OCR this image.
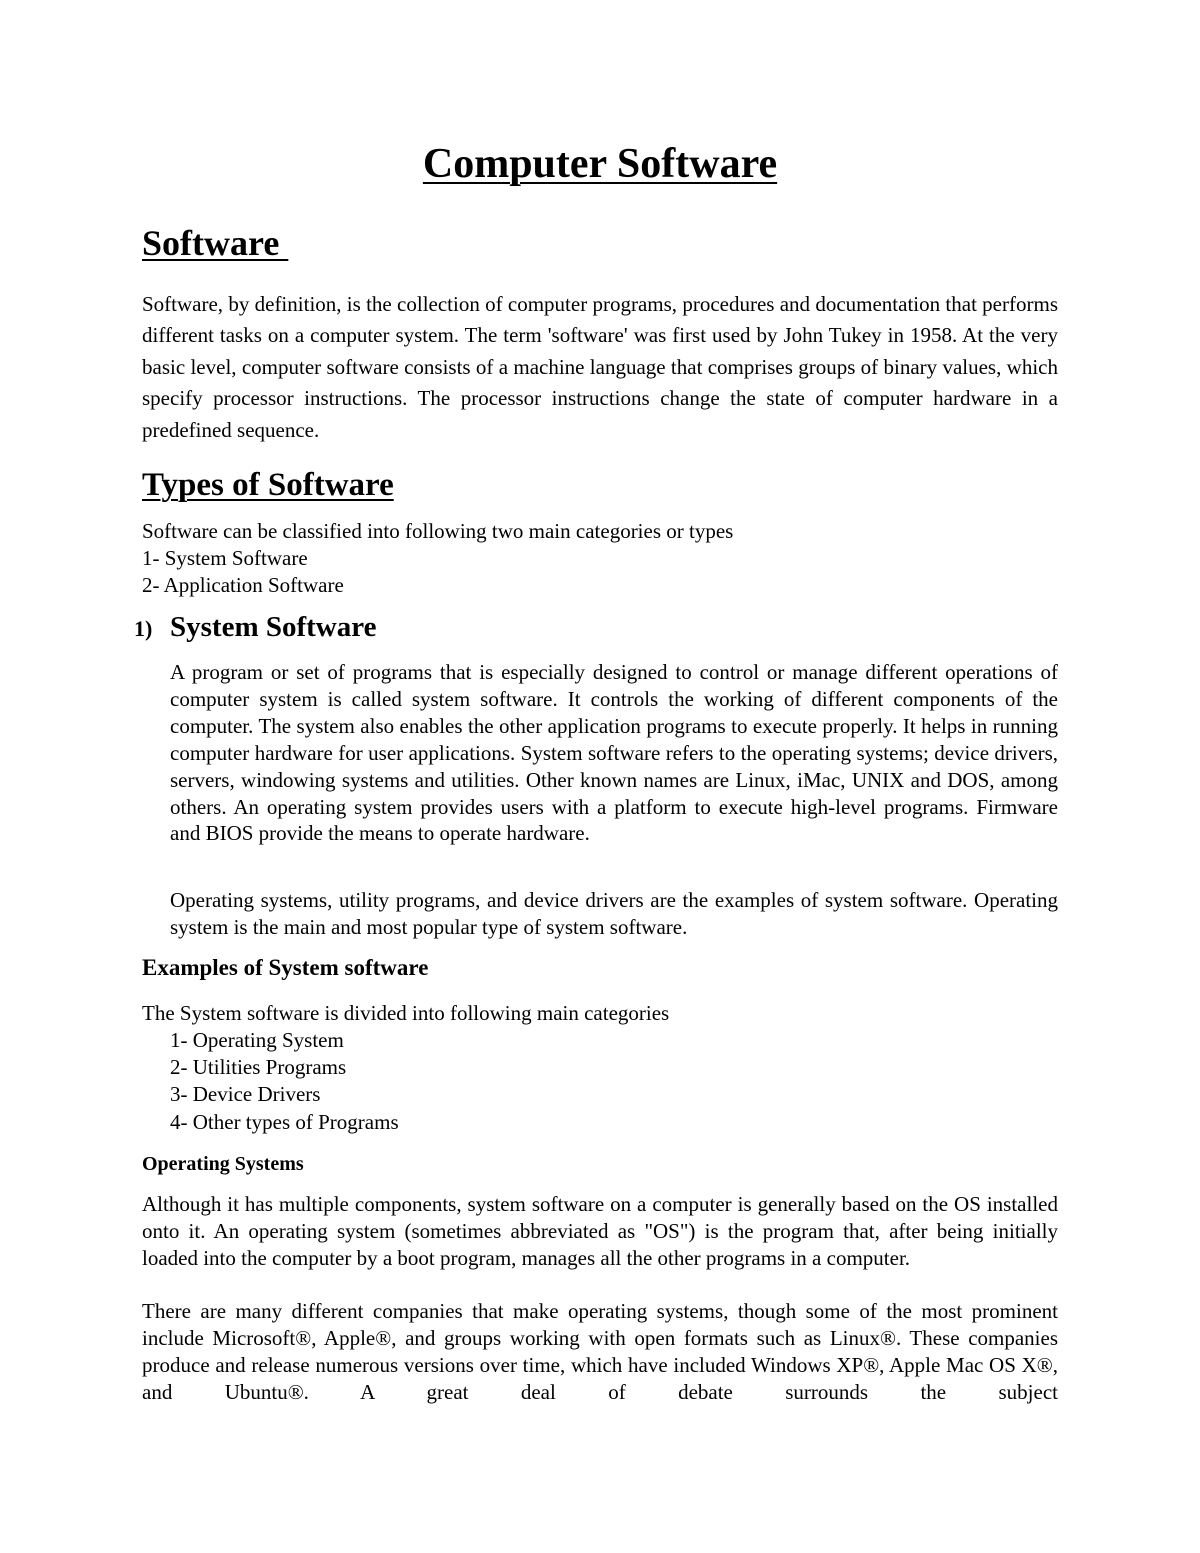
Computer Software
Software
Software, by definition, is the collection of computer programs, procedures and documentation that performs different tasks on a computer system. The term 'software' was first used by John Tukey in 1958. At the very basic level, computer software consists of a machine language that comprises groups of binary values, which specify processor instructions. The processor instructions change the state of computer hardware in a predefined sequence.
Types of Software
Software can be classified into following two main categories or types
1- System Software
2- Application Software
1) System Software
A program or set of programs that is especially designed to control or manage different operations of computer system is called system software. It controls the working of different components of the computer. The system also enables the other application programs to execute properly. It helps in running computer hardware for user applications. System software refers to the operating systems; device drivers, servers, windowing systems and utilities. Other known names are Linux, iMac, UNIX and DOS, among others. An operating system provides users with a platform to execute high-level programs. Firmware and BIOS provide the means to operate hardware.
Operating systems, utility programs, and device drivers are the examples of system software. Operating system is the main and most popular type of system software.
Examples of System software
The System software is divided into following main categories
1- Operating System
2- Utilities Programs
3- Device Drivers
4- Other types of Programs
Operating Systems
Although it has multiple components, system software on a computer is generally based on the OS installed onto it. An operating system (sometimes abbreviated as "OS") is the program that, after being initially loaded into the computer by a boot program, manages all the other programs in a computer.
There are many different companies that make operating systems, though some of the most prominent include Microsoft®, Apple®, and groups working with open formats such as Linux®. These companies produce and release numerous versions over time, which have included Windows XP®, Apple Mac OS X®, and Ubuntu®. A great deal of debate surrounds the subject
